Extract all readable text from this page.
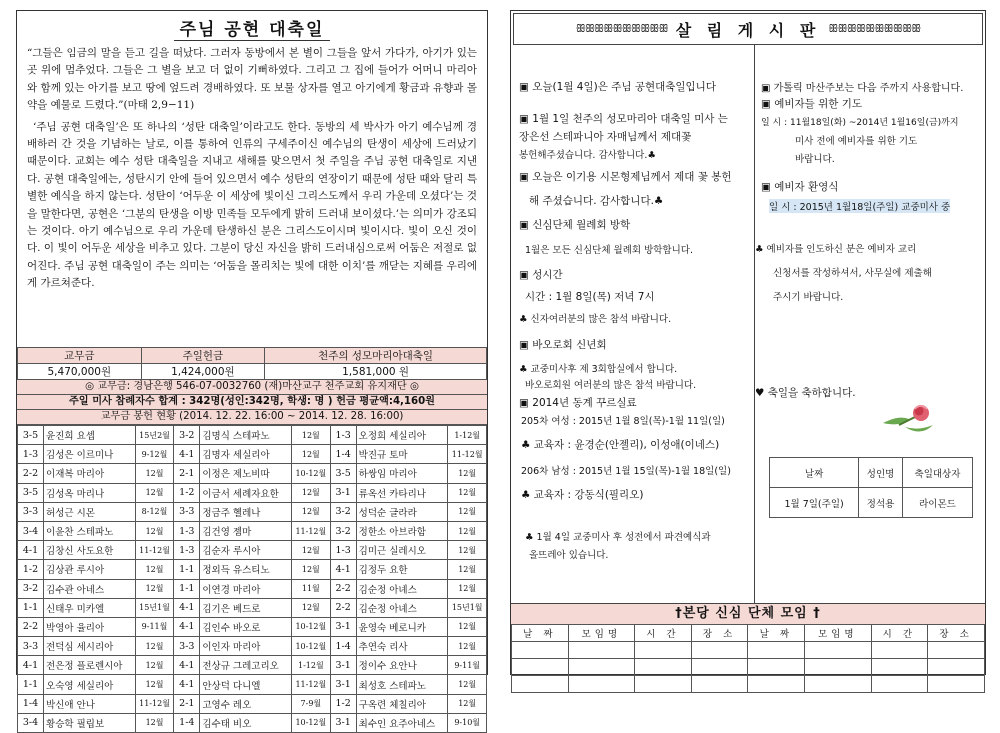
주님 공현 대축일

“그들은 임금의 말을 듣고 길을 떠났다. 그러자 동방에서 본 별이 그들을 앞서 가다가, 아기가 있는 곳 위에 멈추었다. 그들은 그 별을 보고 더 없이 기뻐하였다. 그리고 그 집에 들어가 어머니 마리아와 함께 있는 아기를 보고 땅에 엎드려 경배하였다. 또 보물 상자를 열고 아기에게 황금과 유향과 몰약을 예물로 드렸다.”(마태 2,9−11)

‘주님 공현 대축일’은 또 하나의 ‘성탄 대축일’이라고도 한다. 동방의 세 박사가 아기 예수님께 경배하러 간 것을 기념하는 날로, 이를 통하여 인류의 구세주이신 예수님의 탄생이 세상에 드러났기 때문이다. 교회는 예수 성탄 대축일을 지내고 새해를 맞으면서 첫 주일을 주님 공현 대축일로 지낸다. 공현 대축일에는, 성탄시기 안에 들어 있으면서 예수 성탄의 연장이기 때문에 성탄 때와 달리 특별한 예식을 하지 않는다. 성탄이 ‘어두운 이 세상에 빛이신 그리스도께서 우리 가운데 오셨다’는 것을 말한다면, 공현은 ‘그분의 탄생을 이방 민족들 모두에게 밝히 드러내 보이셨다.’는 의미가 강조되는 것이다. 아기 예수님으로 우리 가운데 탄생하신 분은 그리스도이시며 빛이시다. 빛이 오신 것이다. 이 빛이 어두운 세상을 비추고 있다. 그분이 당신 자신을 밝히 드러내심으로써 어둠은 저절로 없어진다. 주님 공현 대축일이 주는 의미는 ‘어둠을 몰리치는 빛에 대한 이치’를 깨닫는 지혜를 우리에게 가르쳐준다.

교무금	주일헌금	천주의 성모마리아대축일
5,470,000원	1,424,000원	1,581,000 원
◎ 교무금: 경남은행 546-07-0032760 (재)마산교구 천주교회 유지재단 ◎
주일 미사 참례자수 합계 : 342명(성인:342명, 학생: 명 ) 헌금 평균액:4,160원
교무금 봉헌 현황 (2014. 12. 22. 16:00 ~ 2014. 12. 28. 16:00)
3-5	윤진희 요셉	15년2월	3-2	김명식 스테파노	12월	1-3	오정희 세실리아	1-12월
1-3	김성은 이르미나	9-12월	4-1	김명자 세실리아	12월	1-4	박진규 토마	11-12월
2-2	이재복 마리아	12월	2-1	이정은 제노비따	10-12월	3-5	하쌍임 마리아	12월
3-5	김성옥 마리나	12월	1-2	이금서 세례자요한	12월	3-1	류옥선 카타리나	12월
3-3	허성근 시몬	8-12월	3-3	정금주 헬레나	12월	3-2	성덕순 글라라	12월
3-4	이윤찬 스테파노	12월	1-3	김건영 젬마	11-12월	3-2	정한소 아브라함	12월
4-1	김창신 사도요한	11-12월	1-3	김순자 루시아	12월	1-3	김미근 실레시오	12월
1-2	김상관 루시아	12월	1-1	정외득 유스티노	12월	4-1	김정두 요한	12월
3-2	김수관 아네스	12월	1-1	이연경 마리아	11월	2-2	김순정 아녜스	12월
1-1	신태우 미카엘	15년1월	4-1	김기은 베드로	12월	2-2	김순정 아녜스	15년1월
2-2	박영아 율리아	9-11월	4-1	김인수 바오로	10-12월	3-1	윤영숙 베로니카	12월
3-3	전덕심 세시리아	12월	3-3	이인자 마리아	10-12월	1-4	추연숙 리사	12월
4-1	전은정 플로렌시아	12월	4-1	전상규 그레고리오	1-12월	3-1	정이수 요안나	9-11월
1-1	오숙영 세실리아	12월	4-1	안상덕 다니엘	11-12월	3-1	최성호 스테파노	12월
1-4	박신애 안나	11-12월	2-1	고영수 레오	7-9월	1-2	구옥련 체칠리아	12월
3-4	황승학 필립보	12월	1-4	김수태 비오	10-12월	3-1	최수인 요주아네스	9-10월
ꕥꕥꕥꕥꕥꕥꕥꕥꕥꕥ 살 림 게 시 판 ꕥꕥꕥꕥꕥꕥꕥꕥꕥꕥ
▣ 오늘(1월 4일)은 주님 공현대축일입니다
▣ 1월 1일 천주의 성모마리아 대축일 미사 는
장은선 스테파니아 자매님께서 제대꽃
봉헌해주셨습니다. 감사합니다.♣
▣ 오늘은 이기용 시몬형제님께서 제대 꽃 봉헌
해 주셨습니다. 감사합니다.♣
▣ 신심단체 월례회 방학
1월은 모든 신심단체 월례회 방학합니다.
▣ 성시간
시간 : 1월 8일(목) 저녁 7시
♣ 신자여러분의 많은 참석 바랍니다.
▣ 바오로회 신년회
♣ 교중미사후 제 3회합실에서 합니다.
바오로회원 여러분의 많은 참석 바랍니다.
▣ 2014년 동계 꾸르실료
205차 여성 : 2015년 1월 8일(목)-1월 11일(일)
♣ 교육자 : 윤경순(안젤리), 이성애(이네스)
206차 남성 : 2015년 1월 15일(목)-1월 18일(일)
♣ 교육자 : 강동식(필리오)
♣ 1월 4일 교중미사 후 성전에서 파견예식과
올뜨레아 있습니다.
▣ 가톨릭 마산주보는 다음 주까지 사용합니다.
▣ 예비자들 위한 기도
일 시 : 11월18일(화) ~2014년 1월16일(금)까지
미사 전에 예비자를 위한 기도
바랍니다.
▣ 예비자 환영식
일 시 : 2015년 1월18일(주일) 교중미사 중
♣ 예비자를 인도하신 분은 예비자 교리
신청서를 작성하셔서, 사무실에 제출해
주시기 바랍니다.
♥ 축일을 축하합니다.
날짜	성인명	축일대상자
1월 7일(주일)	정석용	라이몬드
†본당 신심 단체 모임 †
날 짜	모임명	시 간	장 소	날 짜	모임명	시 간	장 소
